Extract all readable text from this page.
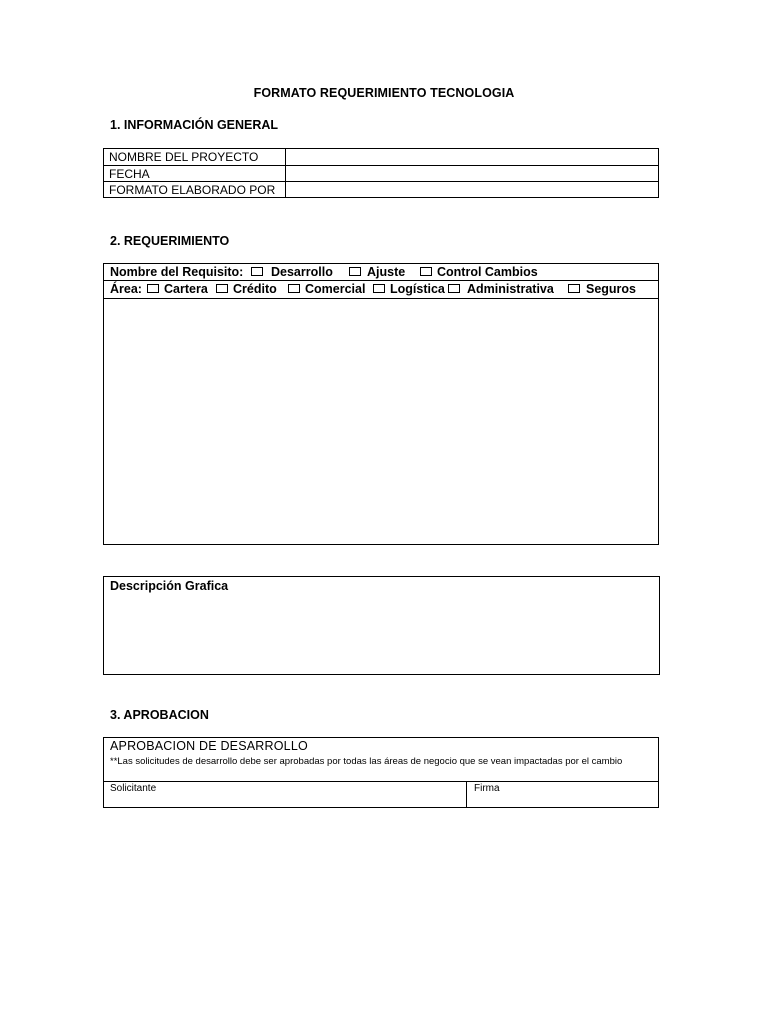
FORMATO REQUERIMIENTO TECNOLOGIA
1. INFORMACIÓN GENERAL
NOMBRE DEL PROYECTO
FECHA
FORMATO ELABORADO POR
2. REQUERIMIENTO
Nombre del Requisito: Desarrollo	Ajuste	Control Cambios
Área: Cartera Crédito Comercial Logística Administrativa	Seguros
Descripción Grafica
3. APROBACION
APROBACION DE DESARROLLO
**Las solicitudes de desarrollo debe ser aprobadas por todas las áreas de negocio que se vean impactadas por el cambio
Solicitante	Firma
